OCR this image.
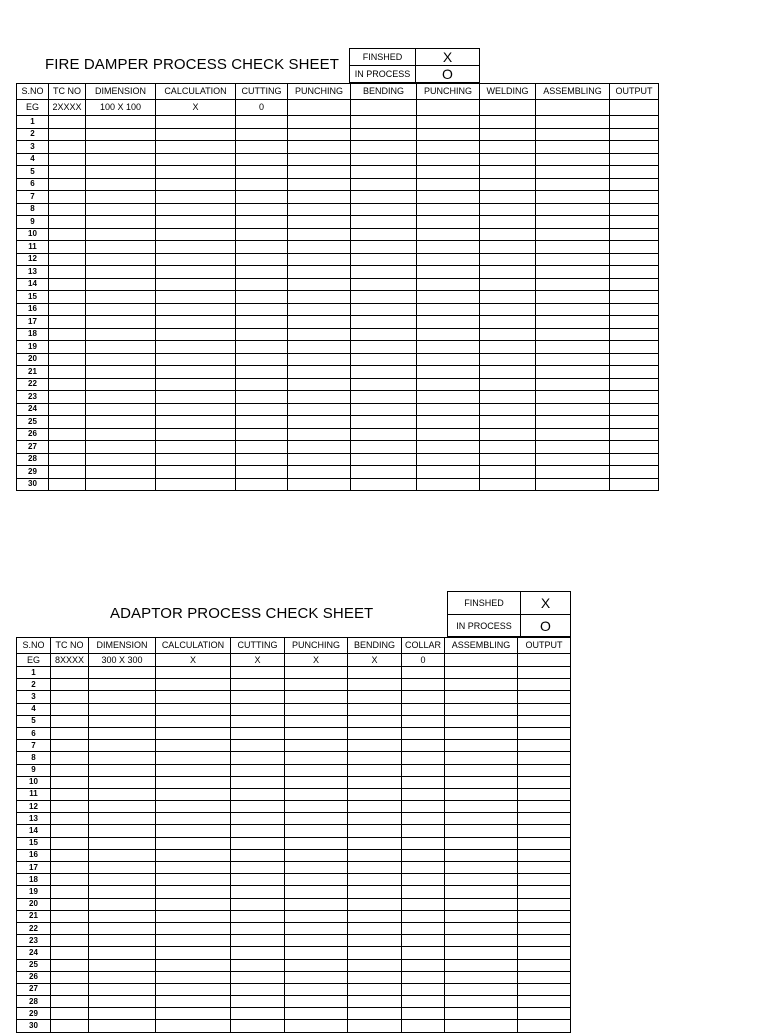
FIRE DAMPER PROCESS CHECK SHEET	FINSHED	X
IN PROCESS	O
S.NO	TC NO	DIMENSION	CALCULATION	CUTTING	PUNCHING	BENDING	PUNCHING	WELDING	ASSEMBLING	OUTPUT
EG	2XXXX	100 X 100	X	0						
1										
2										
3										
4										
5										
6										
7										
8										
9										
10										
11										
12										
13										
14										
15										
16										
17										
18										
19										
20										
21										
22										
23										
24										
25										
26										
27										
28										
29										
30										
ADAPTOR PROCESS CHECK SHEET
FINSHED	X
IN PROCESS	O
S.NO	TC NO	DIMENSION	CALCULATION	CUTTING	PUNCHING	BENDING	COLLAR	ASSEMBLING	OUTPUT
EG	8XXXX	300 X 300	X	X	X	X	0		
1									
2									
3									
4									
5									
6									
7									
8									
9									
10									
11									
12									
13									
14									
15									
16									
17									
18									
19									
20									
21									
22									
23									
24									
25									
26									
27									
28									
29									
30									
